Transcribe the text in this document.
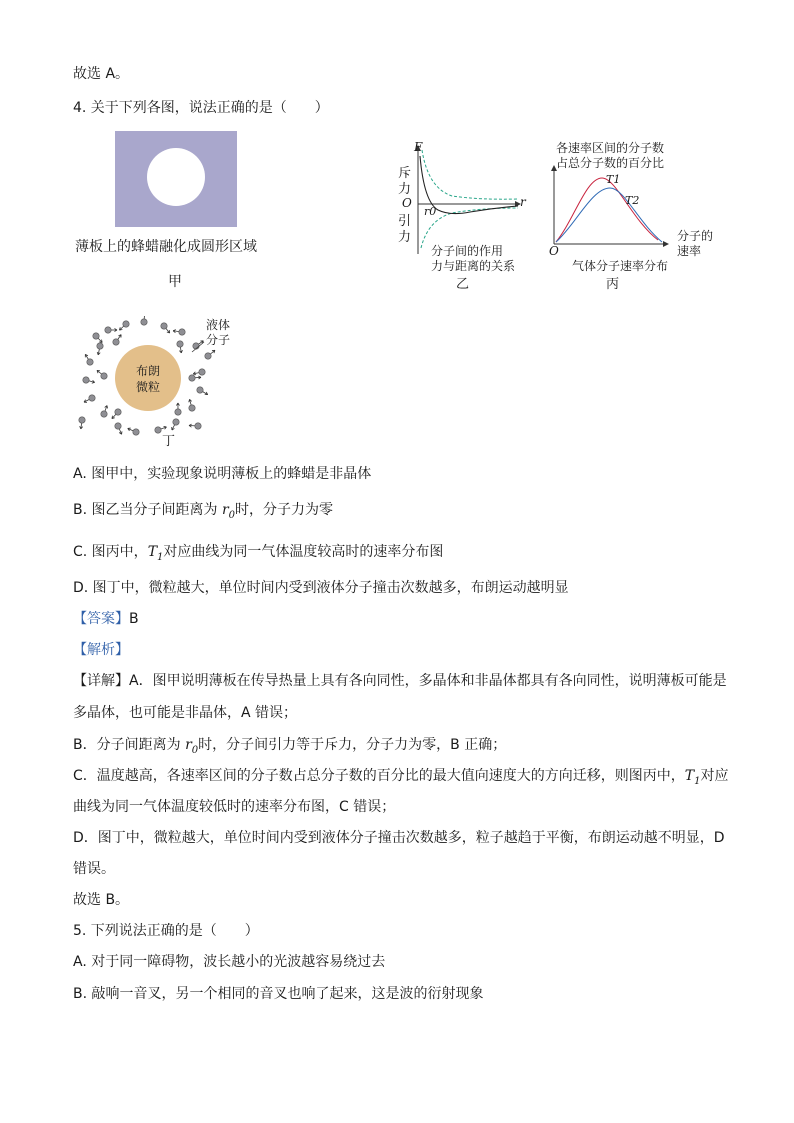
故选 A。
4. 关于下列各图，说法正确的是（　　）
薄板上的蜂蜡融化成圆形区域
甲
F
斥
力
O
引
力
r0
r
分子间的作用
力与距离的关系
乙
各速率区间的分子数
占总分子数的百分比
T1
T2
O
分子的
速率
气体分子速率分布
丙
布朗
微粒
液体
分子
丁
A. 图甲中，实验现象说明薄板上的蜂蜡是非晶体
B. 图乙当分子间距离为 $r_0$时，分子力为零
C. 图丙中，$T_1$对应曲线为同一气体温度较高时的速率分布图
D. 图丁中，微粒越大，单位时间内受到液体分子撞击次数越多，布朗运动越明显
【答案】B
【解析】
【详解】A．图甲说明薄板在传导热量上具有各向同性，多晶体和非晶体都具有各向同性，说明薄板可能是
多晶体，也可能是非晶体，A 错误；
B．分子间距离为 $r_0$时，分子间引力等于斥力，分子力为零，B 正确；
C．温度越高，各速率区间的分子数占总分子数的百分比的最大值向速度大的方向迁移，则图丙中，$T_1$对应
曲线为同一气体温度较低时的速率分布图，C 错误；
D．图丁中，微粒越大，单位时间内受到液体分子撞击次数越多，粒子越趋于平衡，布朗运动越不明显，D
错误。
故选 B。
5. 下列说法正确的是（　　）
A. 对于同一障碍物，波长越小的光波越容易绕过去
B. 敲响一音叉，另一个相同的音叉也响了起来，这是波的衍射现象
